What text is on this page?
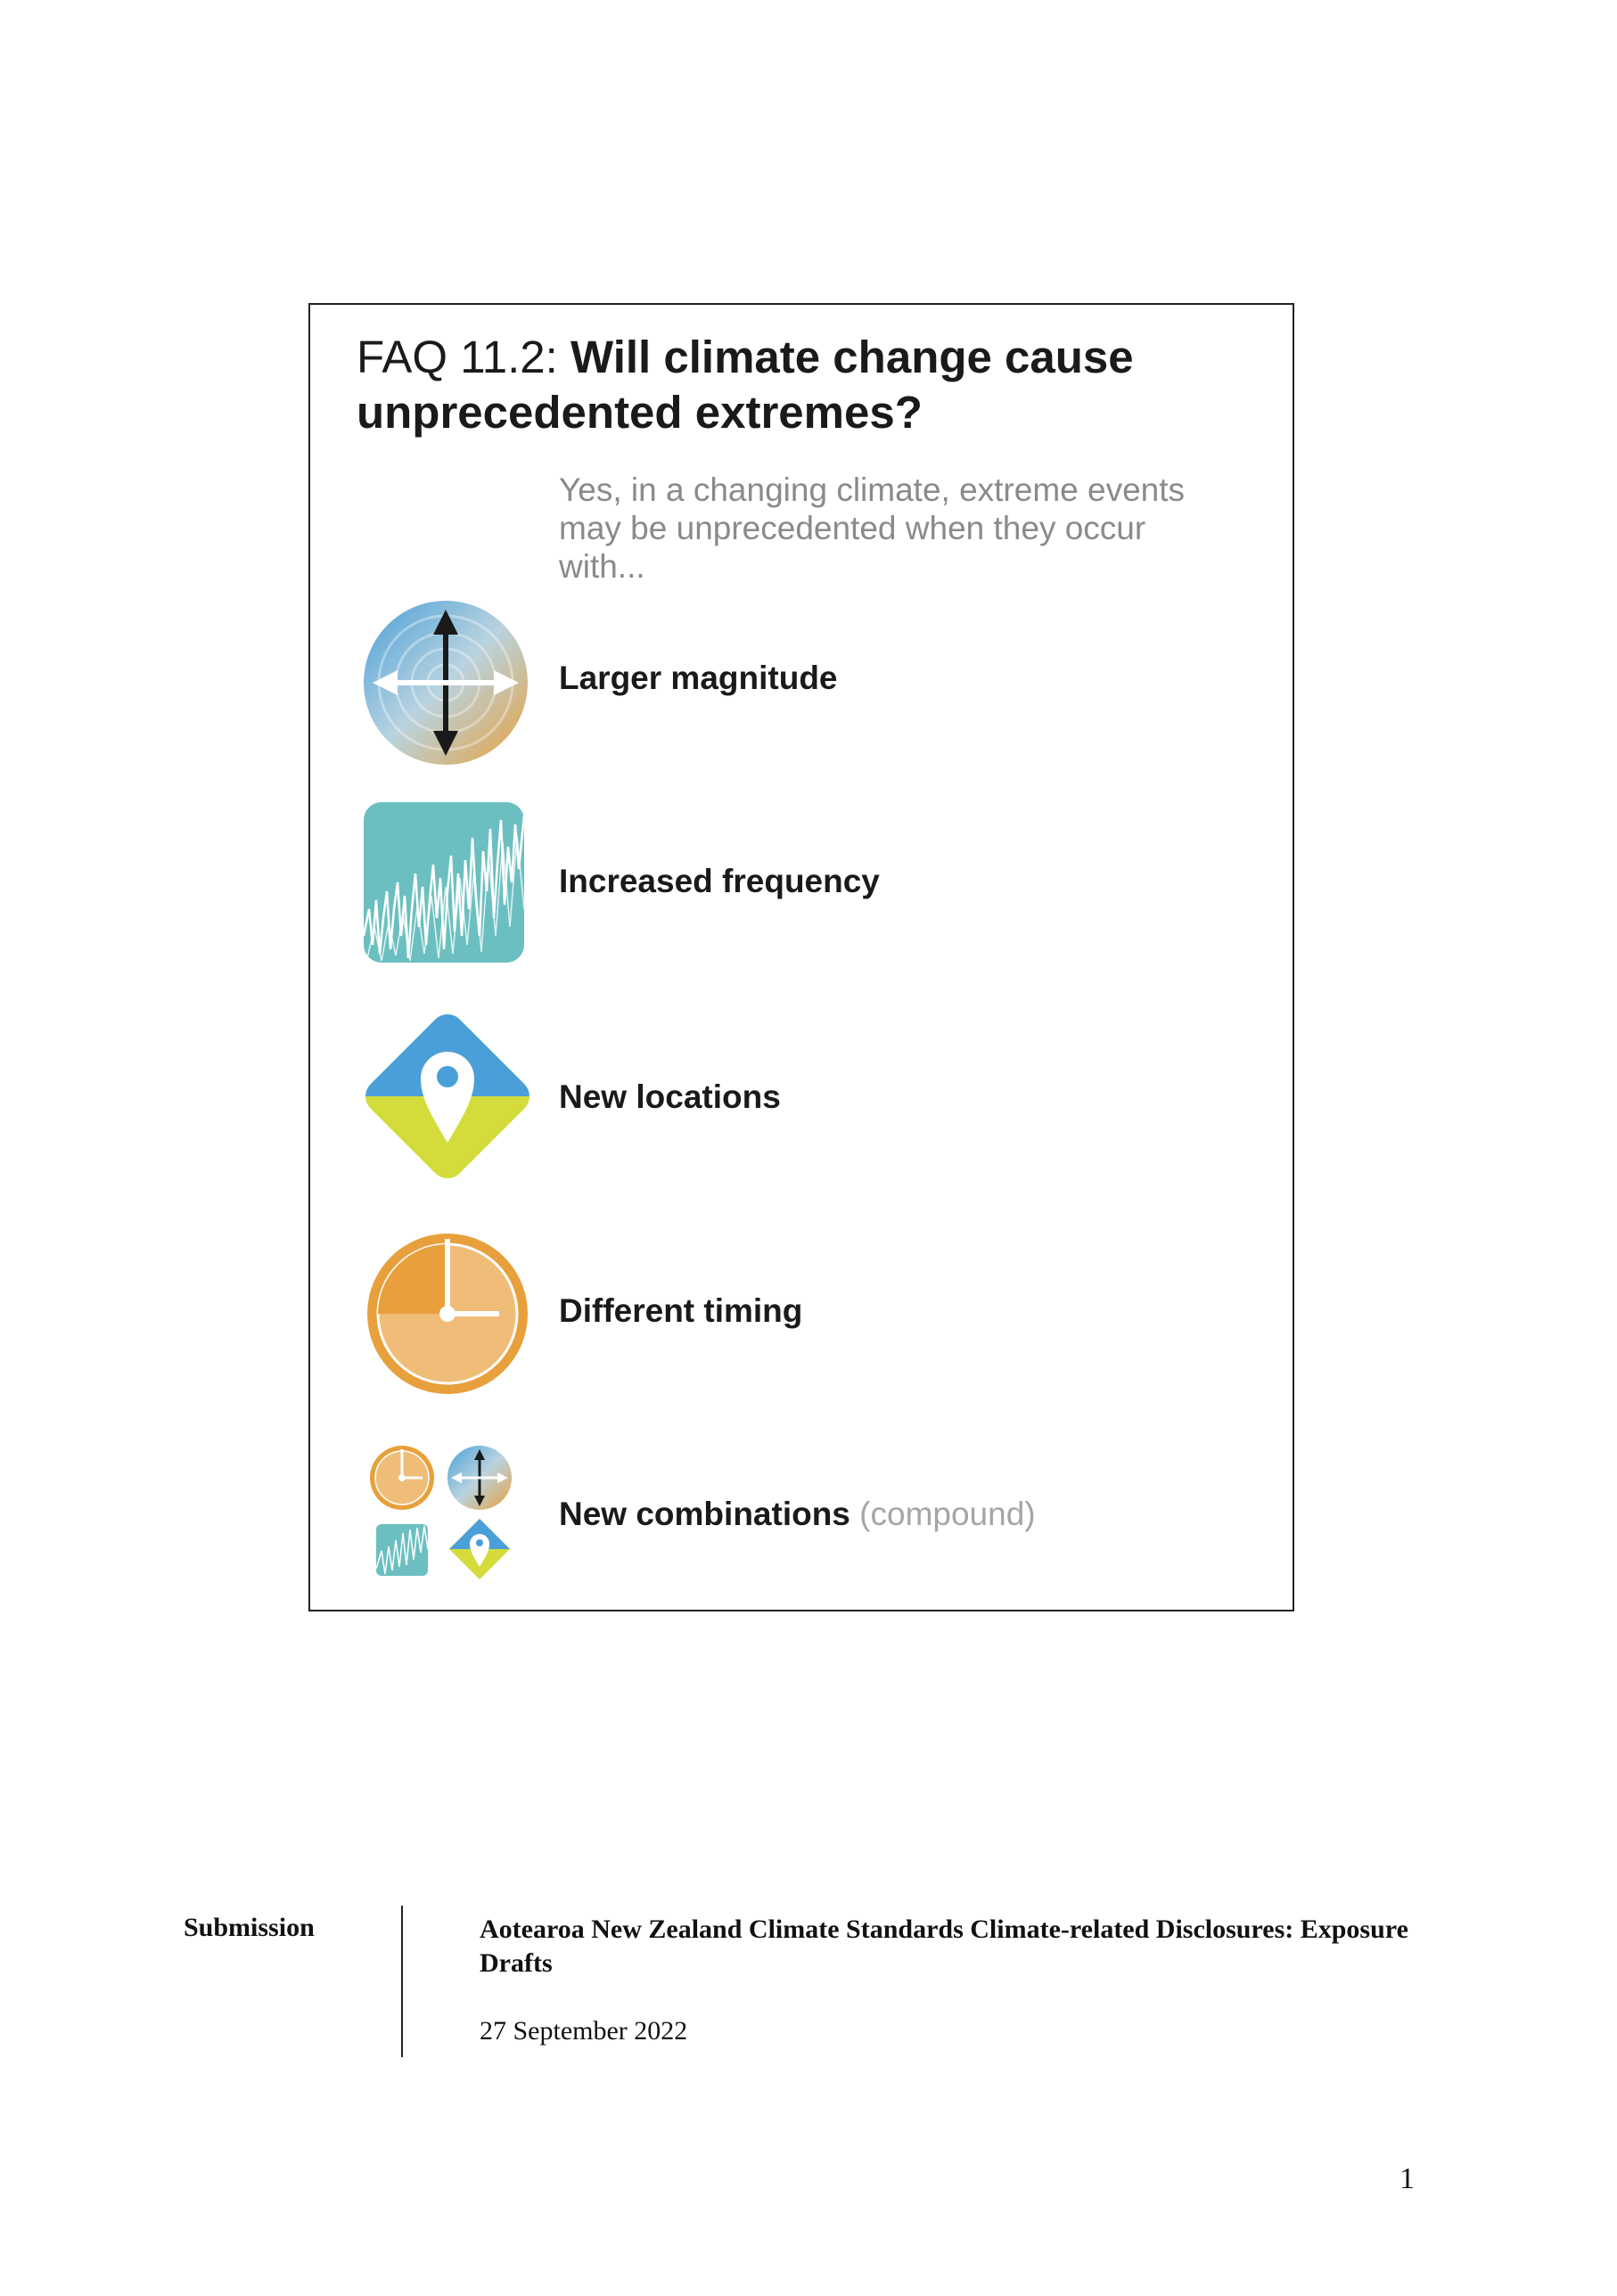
FAQ 11.2: Will climate change cause unprecedented extremes?
Yes, in a changing climate, extreme events may be unprecedented when they occur with...
Larger magnitude
Increased frequency
New locations
Different timing
New combinations (compound)
Submission	Aotearoa New Zealand Climate Standards Climate-related Disclosures: Exposure Drafts
27 September 2022
1
